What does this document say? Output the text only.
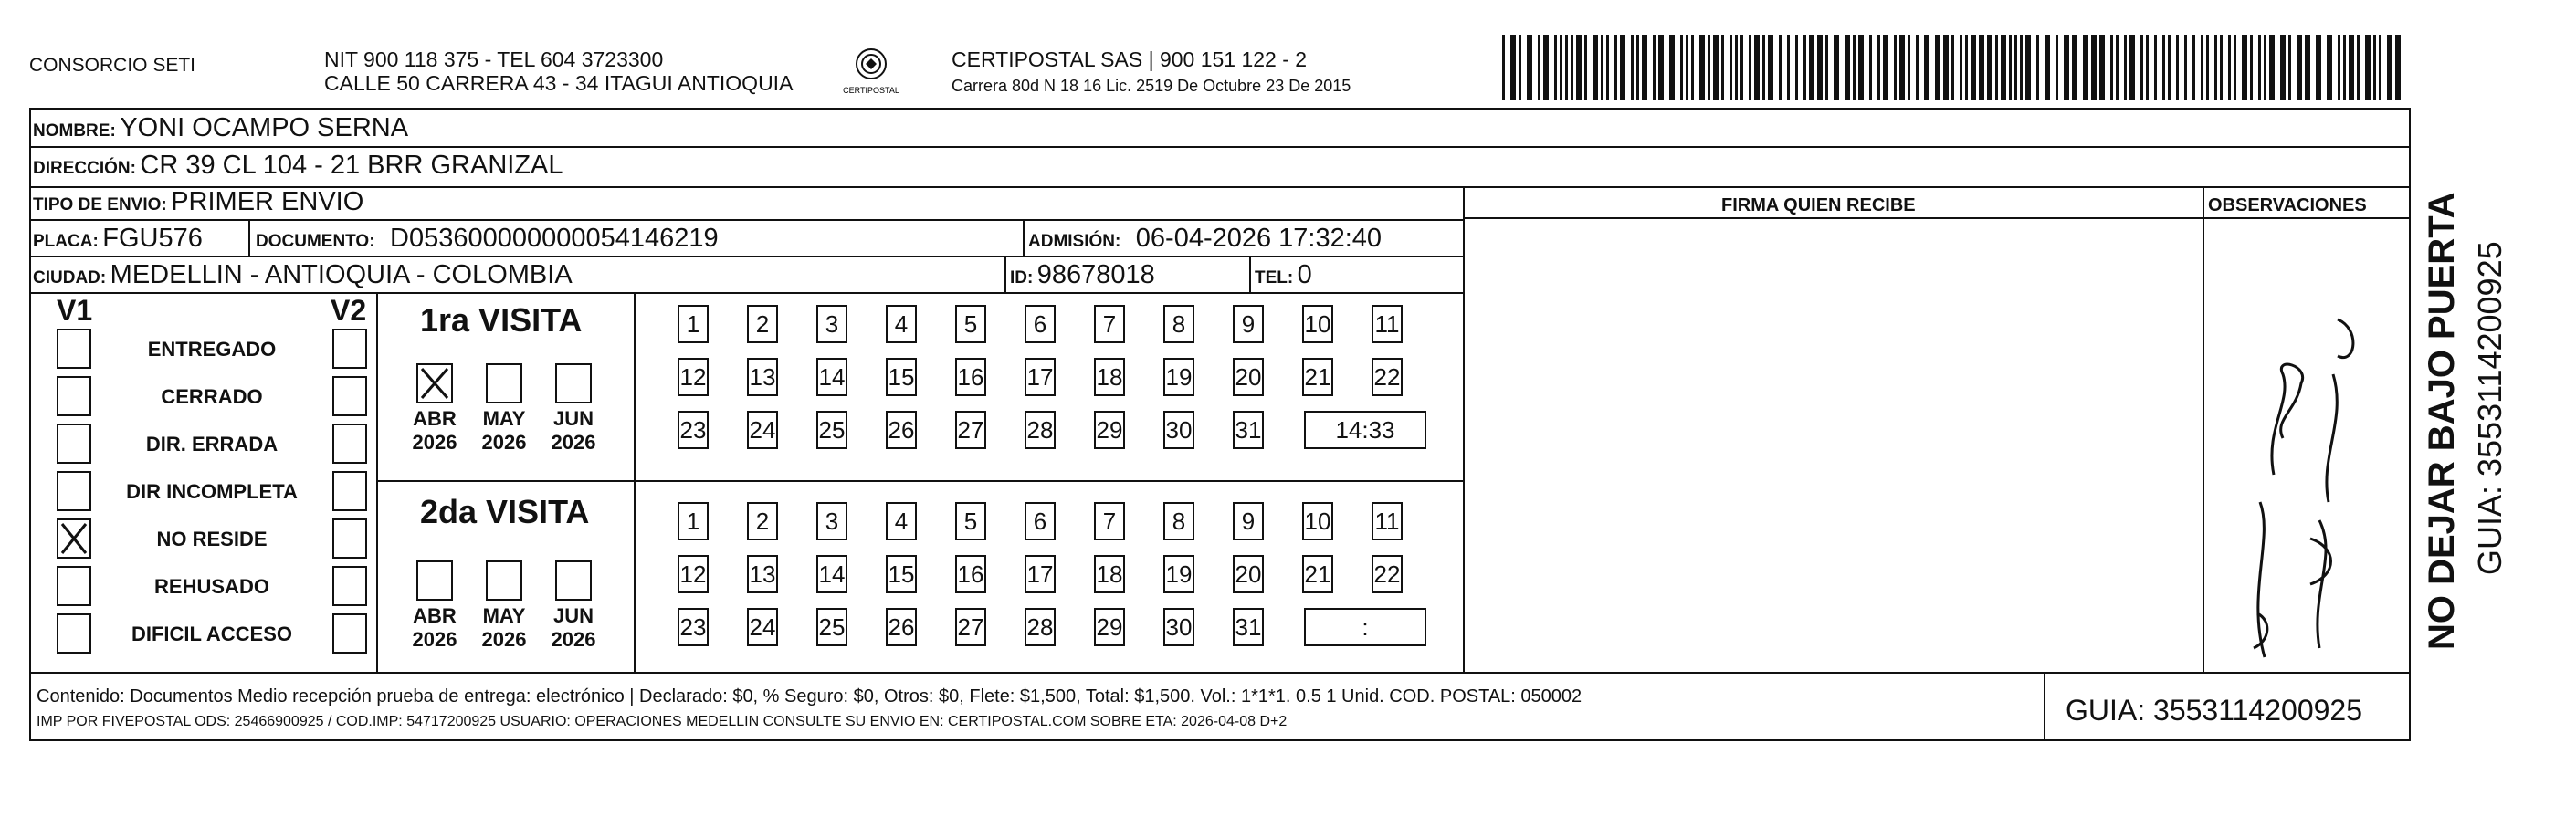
CONSORCIO SETI	NIT 900 118 375 - TEL 604 3723300
CALLE 50 CARRERA 43 - 34 ITAGUI ANTIOQUIA	CERTIPOSTAL
CERTIPOSTAL SAS | 900 151 122 - 2
Carrera 80d N 18 16 Lic. 2519 De Octubre 23 De 2015
NOMBRE: YONI OCAMPO SERNA
DIRECCIÓN: CR 39 CL 104 - 21 BRR GRANIZAL
TIPO DE ENVIO: PRIMER ENVIO	FIRMA QUIEN RECIBE	OBSERVACIONES
PLACA: FGU576	DOCUMENTO: D053600000000054146219	ADMISIÓN: 06-04-2026 17:32:40
CIUDAD: MEDELLIN - ANTIOQUIA - COLOMBIA	ID: 98678018	TEL: 0
V1	V2
ENTREGADO
CERRADO
DIR. ERRADA
DIR INCOMPLETA
NO RESIDE
REHUSADO
DIFICIL ACCESO
1ra VISITA
2da VISITA
ABR
2026
MAY
2026
JUN
2026
ABR
2026
MAY
2026
JUN
2026
1	2	3	4	5	6	7	8	9	10 11
12 13 14 15 16 17 18 19 20 21 22
23 24 25 26 27 28 29 30 31	14:33
1	2	3	4	5	6	7	8	9	10 11
12 13 14 15 16 17 18 19 20 21 22
23 24 25 26 27 28 29 30 31	:
Contenido: Documentos Medio recepción prueba de entrega: electrónico | Declarado: $0, % Seguro: $0, Otros: $0, Flete: $1,500, Total: $1,500. Vol.: 1*1*1. 0.5 1 Unid. COD. POSTAL: 050002
IMP POR FIVEPOSTAL ODS: 25466900925 / COD.IMP: 54717200925 USUARIO: OPERACIONES MEDELLIN CONSULTE SU ENVIO EN: CERTIPOSTAL.COM SOBRE ETA: 2026-04-08 D+2	GUIA: 3553114200925
NO DEJAR BAJO PUERTA GUIA: 3553114200925
